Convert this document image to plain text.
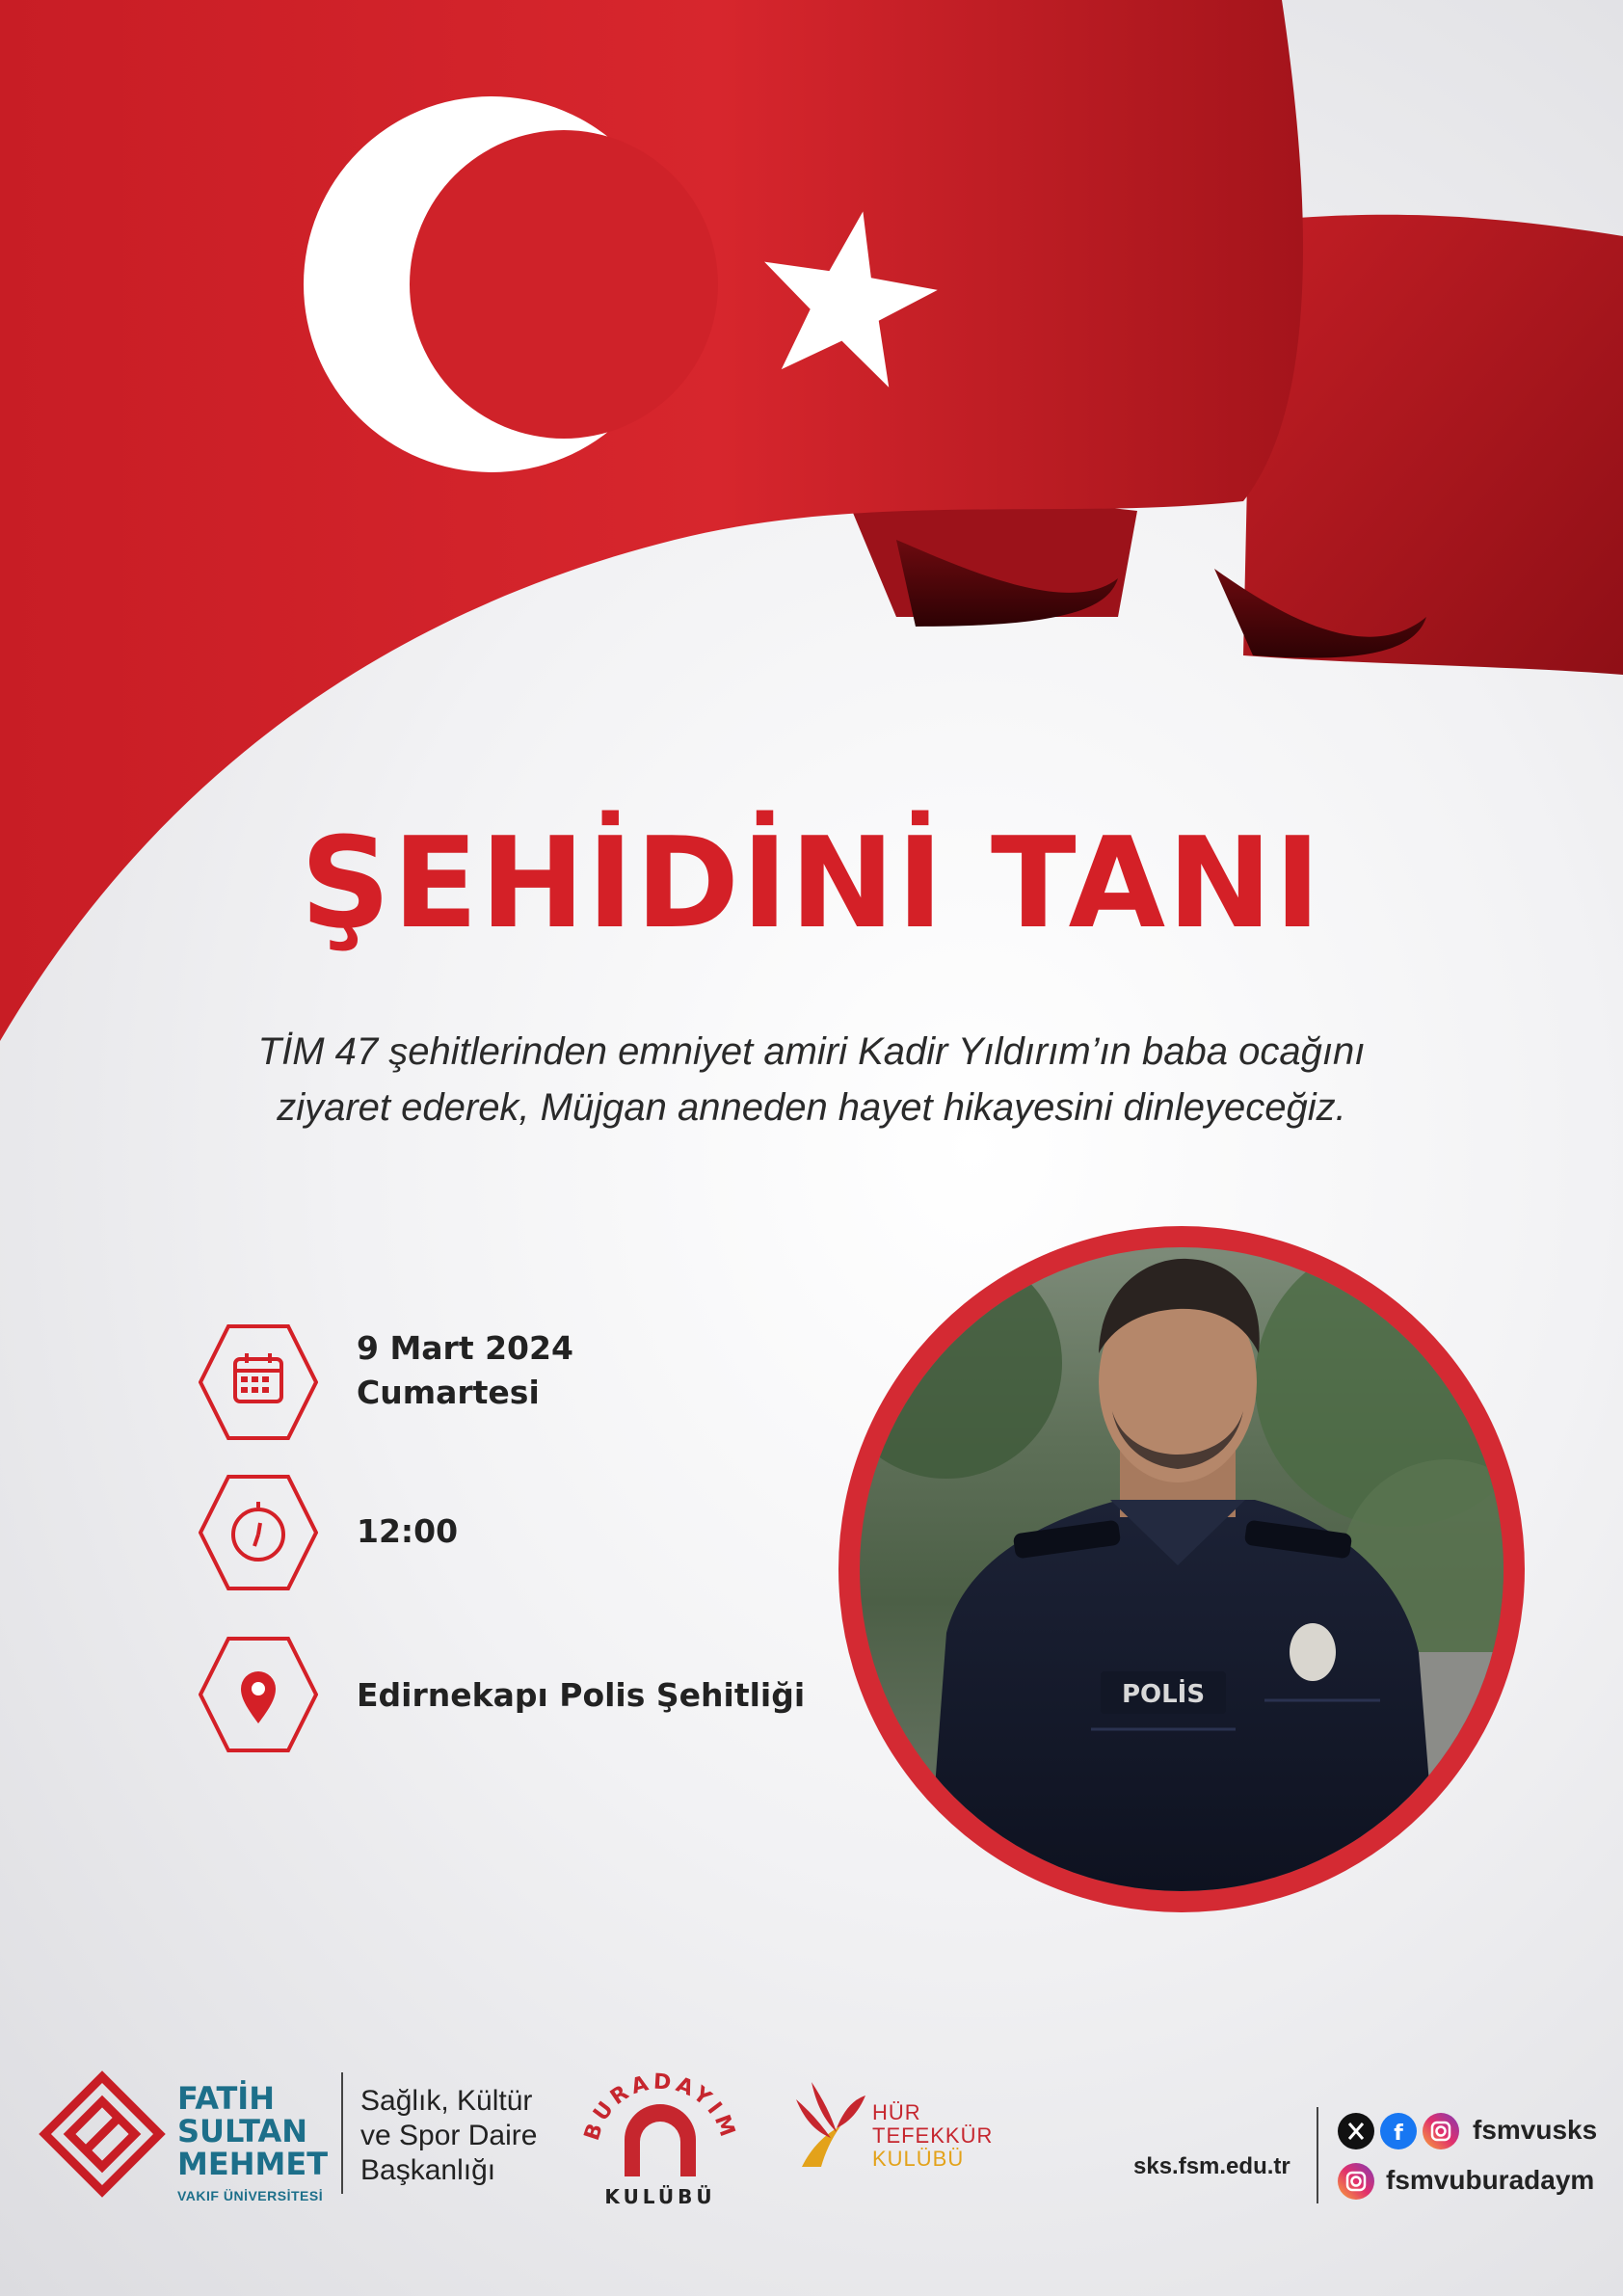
ŞEHİDİNİ TANI
TİM 47 şehitlerinden emniyet amiri Kadir Yıldırım’ın baba ocağını
ziyaret ederek, Müjgan anneden hayet hikayesini dinleyeceğiz.
9 Mart 2024
Cumartesi
12:00
Edirnekapı Polis Şehitliği	POLİS
FATİH
SULTAN
MEHMET
VAKIF ÜNİVERSİTESİ
Sağlık, Kültür
ve Spor Daire
Başkanlığı
BURADAYIM
KULÜBÜ
HÜR
TEFEKKÜR
KULÜBÜ	sks.fsm.edu.tr
f	fsmvusks
fsmvuburadaym
